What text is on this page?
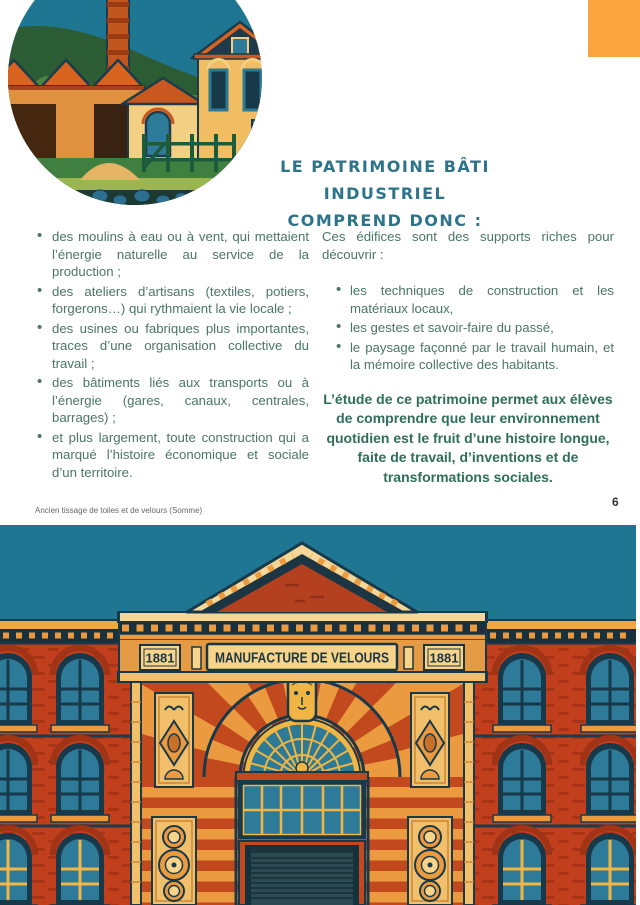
LE PATRIMOINE BÂTI INDUSTRIEL
COMPREND DONC :
• des moulins à eau ou à vent, qui mettaient l’énergie naturelle au service de la production ;
• des ateliers d’artisans (textiles, potiers, forgerons…) qui rythmaient la vie locale ;
• des usines ou fabriques plus importantes, traces d’une organisation collective du travail ;
• des bâtiments liés aux transports ou à l’énergie (gares, canaux, centrales, barrages) ;
• et plus largement, toute construction qui a marqué l’histoire économique et sociale d’un territoire.

Ces édifices sont des supports riches pour découvrir :

• les techniques de construction et les matériaux locaux,
• les gestes et savoir-faire du passé,
• le paysage façonné par le travail humain, et la mémoire collective des habitants.

L’étude de ce patrimoine permet aux élèves de comprendre que leur environnement quotidien est le fruit d’une histoire longue, faite de travail, d’inventions et de transformations sociales.

Ancien tissage de toiles et de velours (Somme)
6
1881	MANUFACTURE DE VELOURS	1881
